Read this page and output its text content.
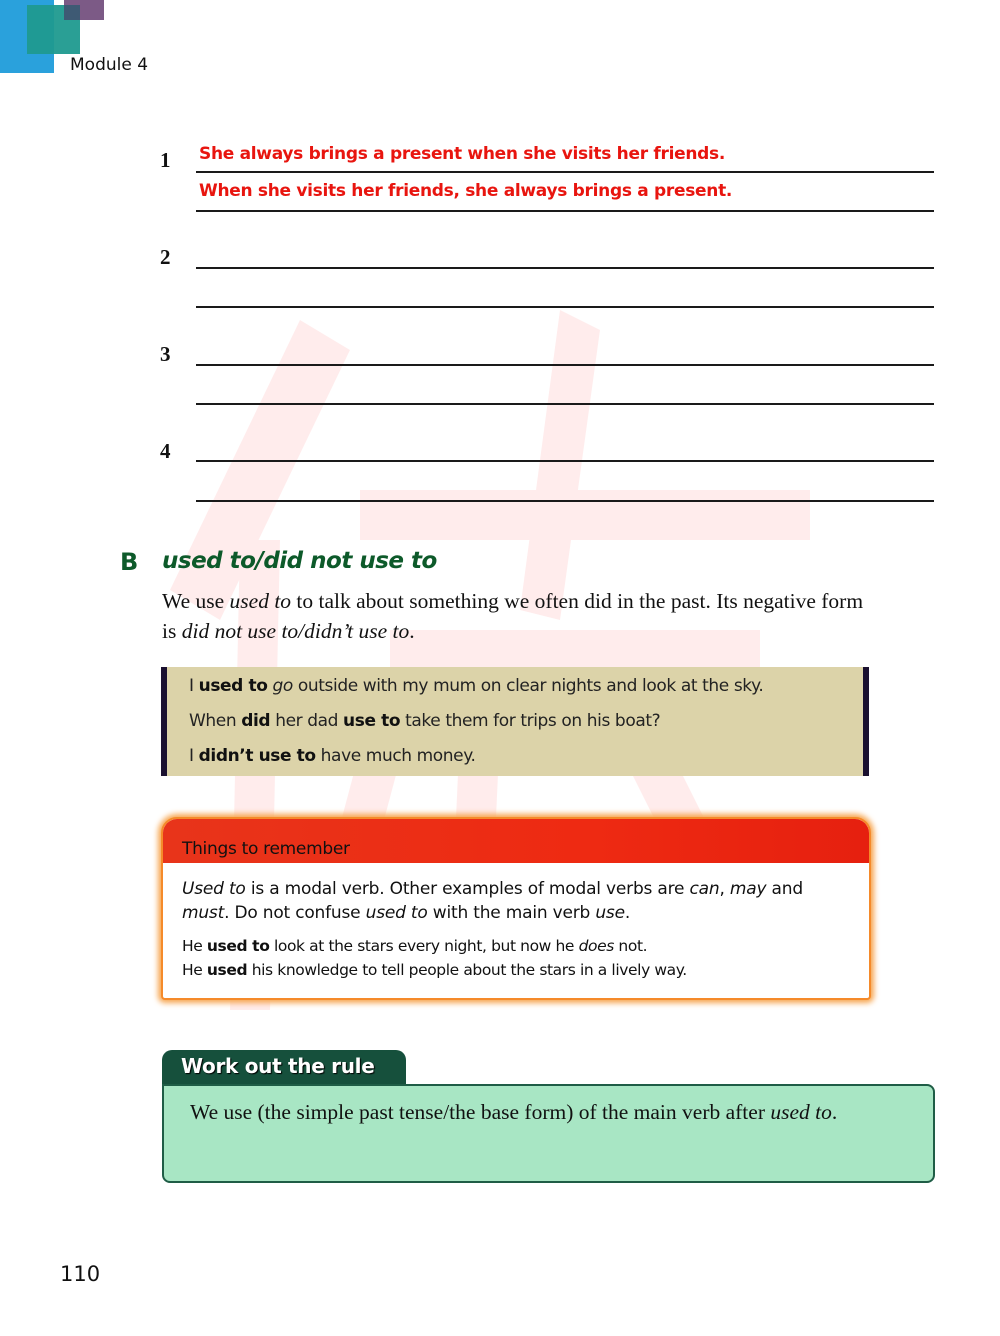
Module 4
1 She always brings a present when she visits her friends.
When she visits her friends, she always brings a present.
2
3
4
B used to/did not use to
We use used to to talk about something we often did in the past. Its negative form is did not use to/didn’t use to.
I used to go outside with my mum on clear nights and look at the sky.
When did her dad use to take them for trips on his boat?
I didn’t use to have much money.
Things to remember
Used to is a modal verb. Other examples of modal verbs are can, may and must. Do not confuse used to with the main verb use.
He used to look at the stars every night, but now he does not.
He used his knowledge to tell people about the stars in a lively way.
Work out the rule
We use (the simple past tense/the base form) of the main verb after used to.
110
